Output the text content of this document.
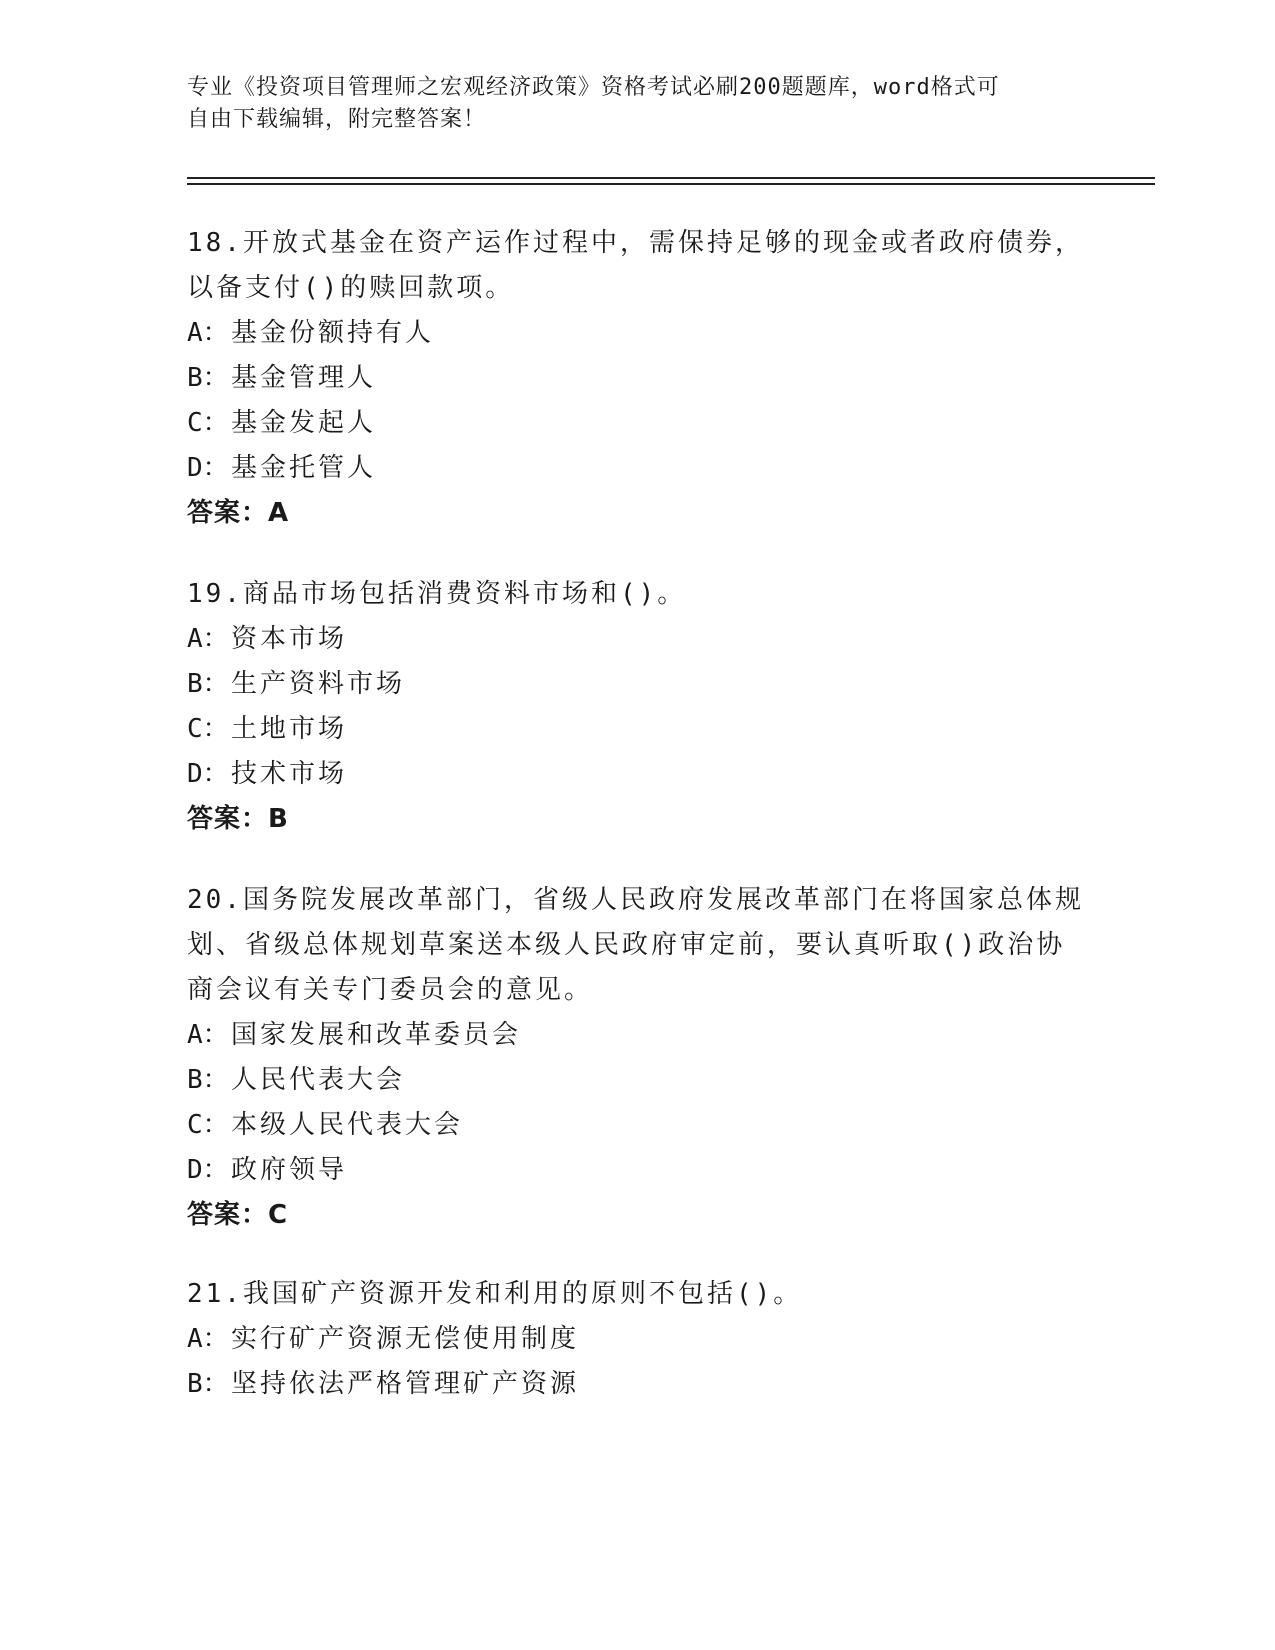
专业《投资项目管理师之宏观经济政策》资格考试必刷200题题库，word格式可
自由下载编辑，附完整答案！

18.开放式基金在资产运作过程中，需保持足够的现金或者政府债券，

以备支付()的赎回款项。

A：基金份额持有人

B：基金管理人

C：基金发起人

D：基金托管人

答案：A

19.商品市场包括消费资料市场和()。

A：资本市场

B：生产资料市场

C：土地市场

D：技术市场

答案：B

20.国务院发展改革部门，省级人民政府发展改革部门在将国家总体规

划、省级总体规划草案送本级人民政府审定前，要认真听取()政治协

商会议有关专门委员会的意见。

A：国家发展和改革委员会

B：人民代表大会

C：本级人民代表大会

D：政府领导

答案：C

21.我国矿产资源开发和利用的原则不包括()。

A：实行矿产资源无偿使用制度

B：坚持依法严格管理矿产资源
